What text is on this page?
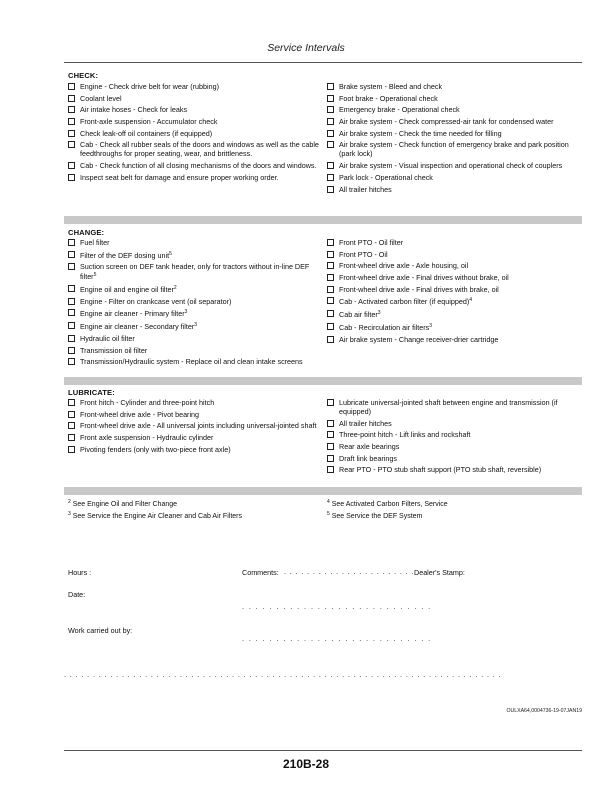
Service Intervals
CHECK:
Engine - Check drive belt for wear (rubbing)
Coolant level
Air intake hoses - Check for leaks
Front-axle suspension - Accumulator check
Check leak-off oil containers (if equipped)
Cab - Check all rubber seals of the doors and windows as well as the cable feedthroughs for proper seating, wear, and brittleness.
Cab - Check function of all closing mechanisms of the doors and windows.
Inspect seat belt for damage and ensure proper working order.
Brake system - Bleed and check
Foot brake - Operational check
Emergency brake - Operational check
Air brake system - Check compressed-air tank for condensed water
Air brake system - Check the time needed for filling
Air brake system - Check function of emergency brake and park position (park lock)
Air brake system - Visual inspection and operational check of couplers
Park lock - Operational check
All trailer hitches
CHANGE:
Fuel filter
Filter of the DEF dosing unit$^5$
Suction screen on DEF tank header, only for tractors without in-line DEF filter$^5$
Engine oil and engine oil filter$^2$
Engine - Filter on crankcase vent (oil separator)
Engine air cleaner - Primary filter$^3$
Engine air cleaner - Secondary filter$^3$
Hydraulic oil filter
Transmission oil filter
Transmission/Hydraulic system - Replace oil and clean intake screens
Front PTO - Oil filter
Front PTO - Oil
Front-wheel drive axle - Axle housing, oil
Front-wheel drive axle - Final drives without brake, oil
Front-wheel drive axle - Final drives with brake, oil
Cab - Activated carbon filter (if equipped)$^4$
Cab air filter$^3$
Cab - Recirculation air filters$^3$
Air brake system - Change receiver-drier cartridge
LUBRICATE:
Front hitch - Cylinder and three-point hitch
Front-wheel drive axle - Pivot bearing
Front-wheel drive axle - All universal joints including universal-jointed shaft
Front axle suspension - Hydraulic cylinder
Pivoting fenders (only with two-piece front axle)
Lubricate universal-jointed shaft between engine and transmission (if equipped)
All trailer hitches
Three-point hitch - Lift links and rockshaft
Rear axle bearings
Draft link bearings
Rear PTO - PTO stub shaft support (PTO stub shaft, reversible)
$^2$ See Engine Oil and Filter Change
$^3$ See Service the Engine Air Cleaner and Cab Air Filters
$^4$ See Activated Carbon Filters, Service
$^5$ See Service the DEF System
Hours :	Comments: . . . . . . . . . . . . . . . . . . . . . . . . .
Dealer's Stamp:
Date:
. . . . . . . . . . . . . . . . . . . . . . . . . . . .
Work carried out by:
. . . . . . . . . . . . . . . . . . . . . . . . . . . .
. . . . . . . . . . . . . . . . . . . . . . . . . . . . . . . . . . . . . . . . . . . . . . . . . . . . . . . . . . . . . . . . . . . . . . . . . . . .
OULXA64,0004736-19-07JAN19
210B-28
